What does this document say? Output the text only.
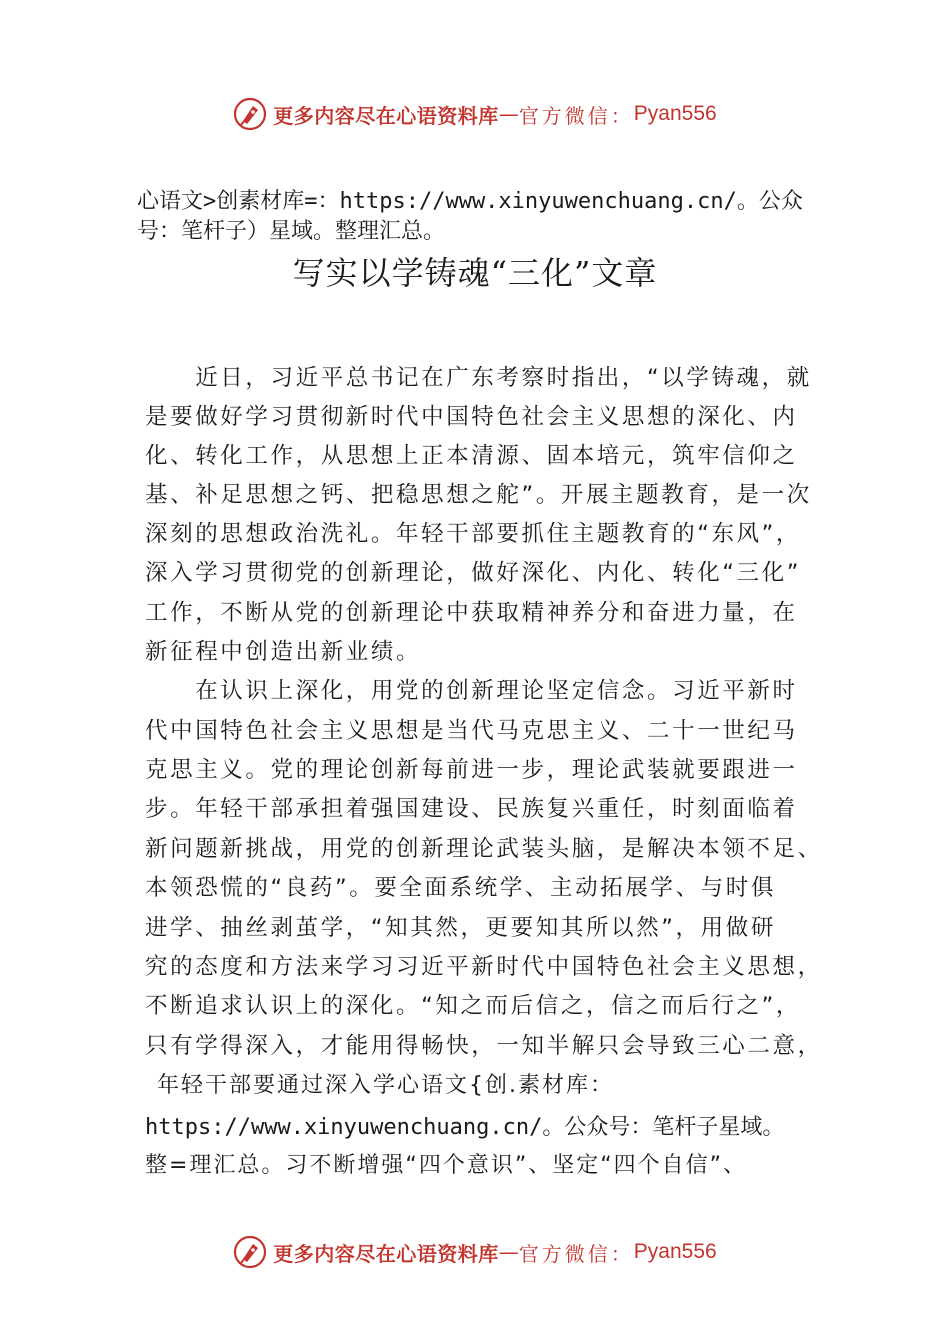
更多内容尽在心语资料库 — 官方微信： Pyan556
心语文>创素材库=：https://www.xinyuwenchuang.cn/。公众
号：笔杆子）星域。整理汇总。
写实以学铸魂“三化”文章
　　近日，习近平总书记在广东考察时指出，“以学铸魂，就
是要做好学习贯彻新时代中国特色社会主义思想的深化、内
化、转化工作，从思想上正本清源、固本培元，筑牢信仰之
基、补足思想之钙、把稳思想之舵”。开展主题教育，是一次
深刻的思想政治洗礼。年轻干部要抓住主题教育的“东风”，
深入学习贯彻党的创新理论，做好深化、内化、转化“三化”
工作，不断从党的创新理论中获取精神养分和奋进力量，在
新征程中创造出新业绩。
　　在认识上深化，用党的创新理论坚定信念。习近平新时
代中国特色社会主义思想是当代马克思主义、二十一世纪马
克思主义。党的理论创新每前进一步，理论武装就要跟进一
步。年轻干部承担着强国建设、民族复兴重任，时刻面临着
新问题新挑战，用党的创新理论武装头脑，是解决本领不足、
本领恐慌的“良药”。要全面系统学、主动拓展学、与时俱
进学、抽丝剥茧学，“知其然，更要知其所以然”，用做研
究的态度和方法来学习习近平新时代中国特色社会主义思想，
不断追求认识上的深化。“知之而后信之，信之而后行之”，
只有学得深入，才能用得畅快，一知半解只会导致三心二意，
年轻干部要通过深入学心语文{创.素材库：
https://www.xinyuwenchuang.cn/。公众号：笔杆子星域。
整=理汇总。习不断增强“四个意识”、坚定“四个自信”、
更多内容尽在心语资料库 — 官方微信： Pyan556
